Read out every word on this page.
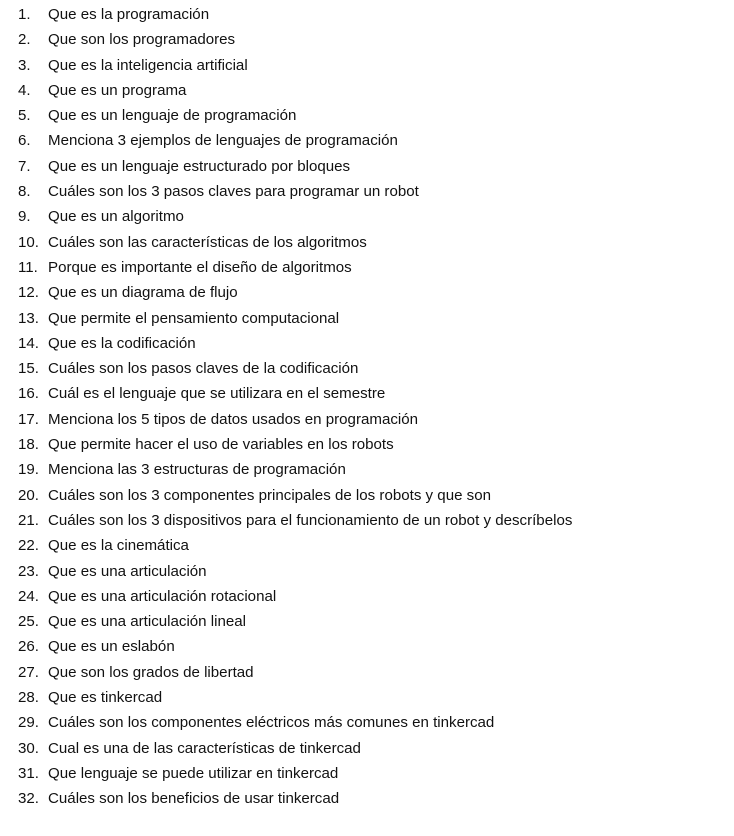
1.	Que es la programación
2.	Que son los programadores
3.	Que es la inteligencia artificial
4.	Que es un programa
5.	Que es un lenguaje de programación
6.	Menciona 3 ejemplos de lenguajes de programación
7.	Que es un lenguaje estructurado por bloques
8.	Cuáles son los 3 pasos claves para programar un robot
9.	Que es un algoritmo
10. Cuáles son las características de los algoritmos
11. Porque es importante el diseño de algoritmos
12. Que es un diagrama de flujo
13. Que permite el pensamiento computacional
14. Que es la codificación
15. Cuáles son los pasos claves de la codificación
16. Cuál es el lenguaje que se utilizara en el semestre
17. Menciona los 5 tipos de datos usados en programación
18. Que permite hacer el uso de variables en los robots
19. Menciona las 3 estructuras de programación
20. Cuáles son los 3 componentes principales de los robots y que son
21. Cuáles son los 3 dispositivos para el funcionamiento de un robot y descríbelos
22. Que es la cinemática
23. Que es una articulación
24. Que es una articulación rotacional
25. Que es una articulación lineal
26. Que es un eslabón
27. Que son los grados de libertad
28. Que es tinkercad
29. Cuáles son los componentes eléctricos más comunes en tinkercad
30. Cual es una de las características de tinkercad
31. Que lenguaje se puede utilizar en tinkercad
32. Cuáles son los beneficios de usar tinkercad
